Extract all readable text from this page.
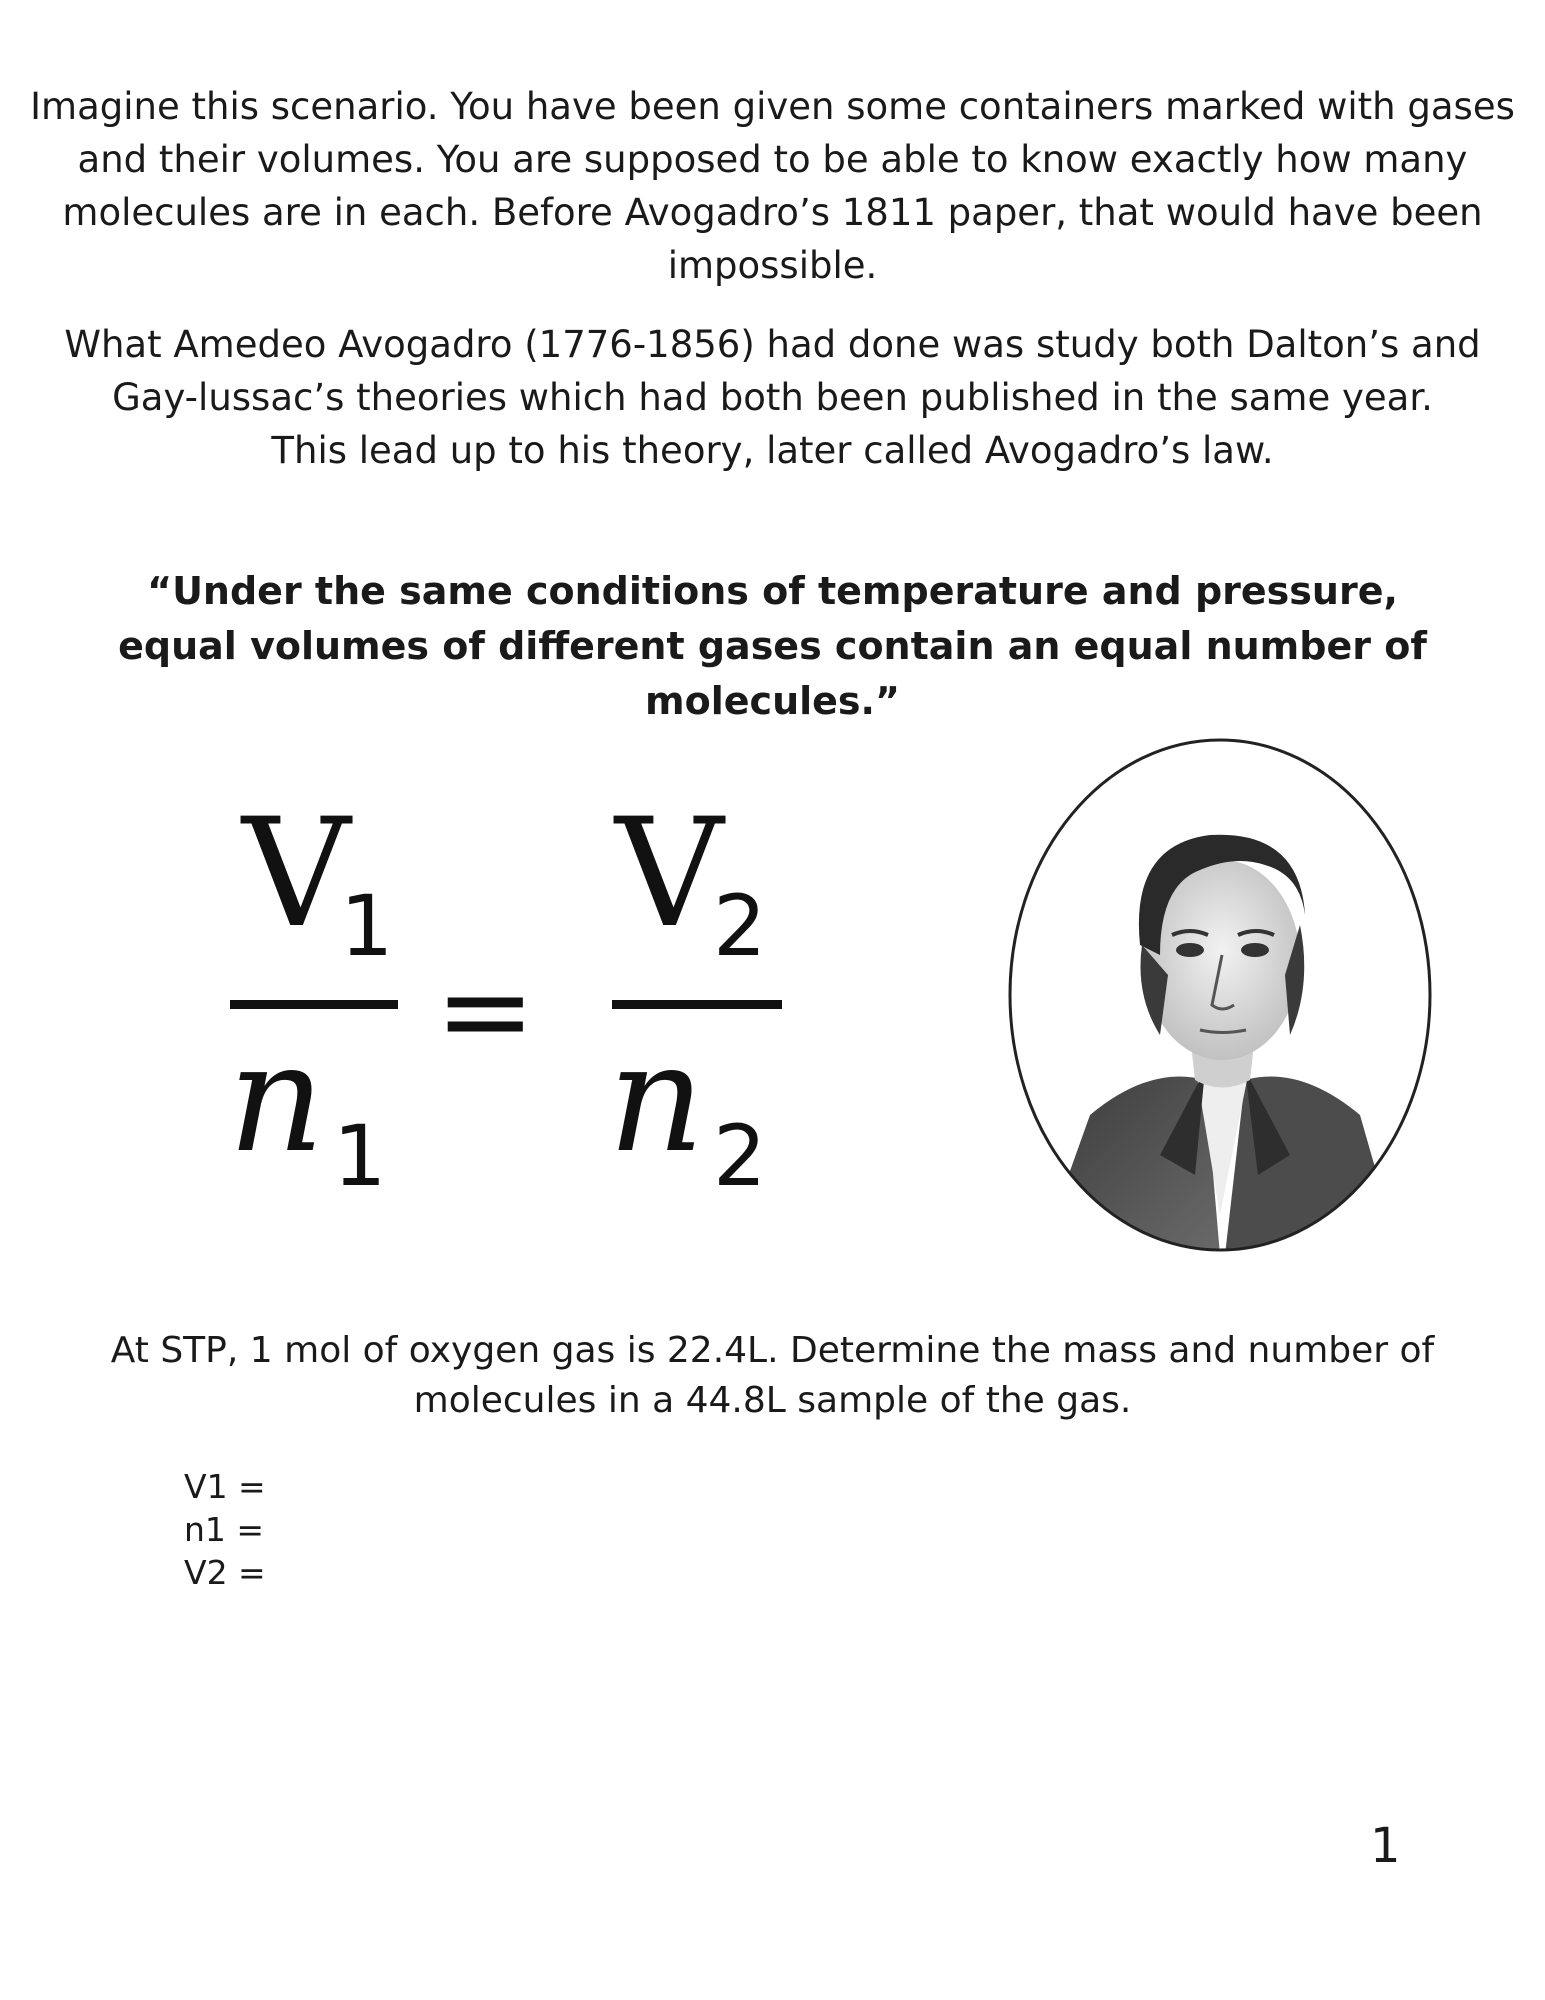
Imagine this scenario. You have been given some containers marked with gases
and their volumes. You are supposed to be able to know exactly how many
molecules are in each. Before Avogadro’s 1811 paper, that would have been
impossible.

What Amedeo Avogadro (1776-1856) had done was study both Dalton’s and
Gay-lussac’s theories which had both been published in the same year.
This lead up to his theory, later called Avogadro’s law.

“Under the same conditions of temperature and pressure,
equal volumes of different gases contain an equal number of
molecules.”

V
1
n 1
=
V
2
n 2

At STP, 1 mol of oxygen gas is 22.4L. Determine the mass and number of
molecules in a 44.8L sample of the gas.

V1 =
n1 =
V2 =
1
